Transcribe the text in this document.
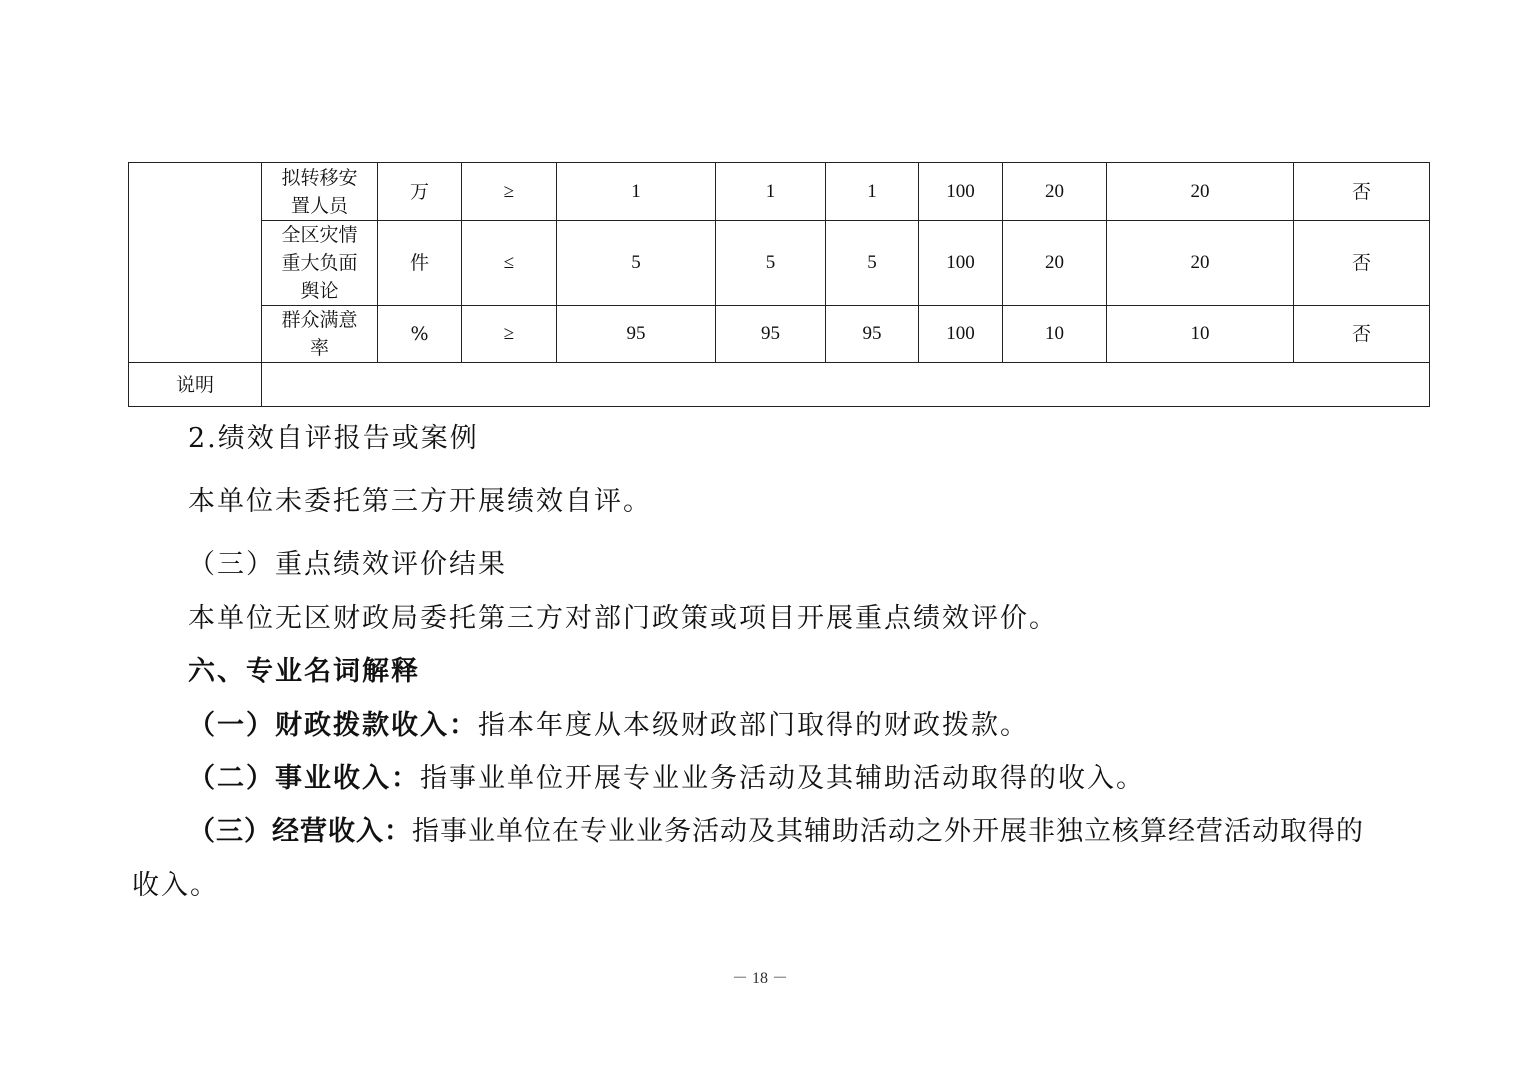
	拟转移安置人员	万	≥	1	1	1	100	20	20	否
	全区灾情重大负面舆论	件	≤	5	5	5	100	20	20	否
	群众满意率	%	≥	95	95	95	100	10	10	否
说明										

2.绩效自评报告或案例

本单位未委托第三方开展绩效自评。

（三）重点绩效评价结果

本单位无区财政局委托第三方对部门政策或项目开展重点绩效评价。

六、专业名词解释

（一）财政拨款收入：指本年度从本级财政部门取得的财政拨款。

（二）事业收入：指事业单位开展专业业务活动及其辅助活动取得的收入。

（三）经营收入：指事业单位在专业业务活动及其辅助活动之外开展非独立核算经营活动取得的

收入。

－ 18 －
